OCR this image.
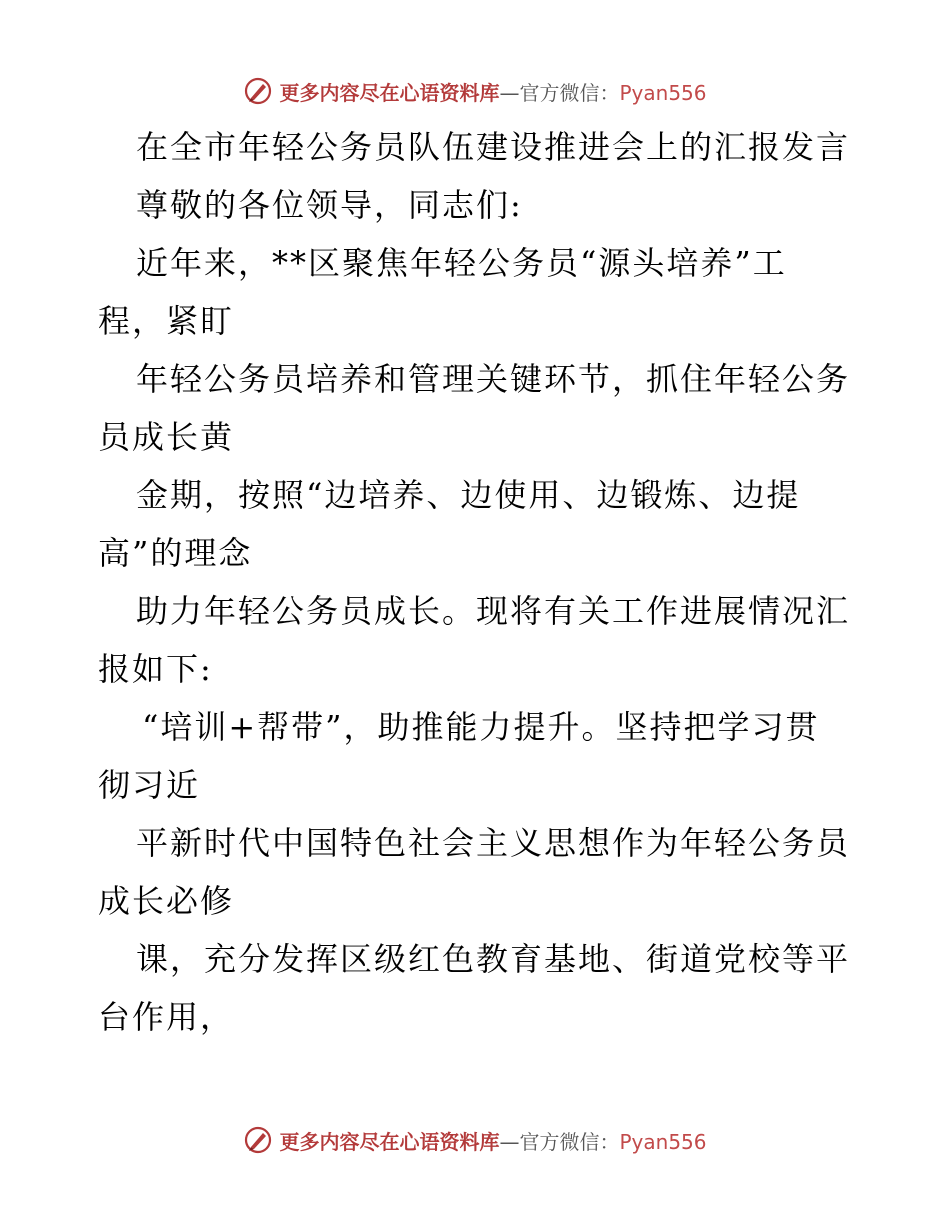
更多内容尽在心语资料库—官方微信：Pyan556
在全市年轻公务员队伍建设推进会上的汇报发言
尊敬的各位领导，同志们:
近年来，**区聚焦年轻公务员“源头培养”工
程，紧盯
年轻公务员培养和管理关键环节，抓住年轻公务
员成长黄
金期，按照“边培养、边使用、边锻炼、边提
高”的理念
助力年轻公务员成长。现将有关工作进展情况汇
报如下:
“培训+帮带”，助推能力提升。坚持把学习贯
彻习近
平新时代中国特色社会主义思想作为年轻公务员
成长必修
课，充分发挥区级红色教育基地、街道党校等平
台作用，
更多内容尽在心语资料库—官方微信：Pyan556
